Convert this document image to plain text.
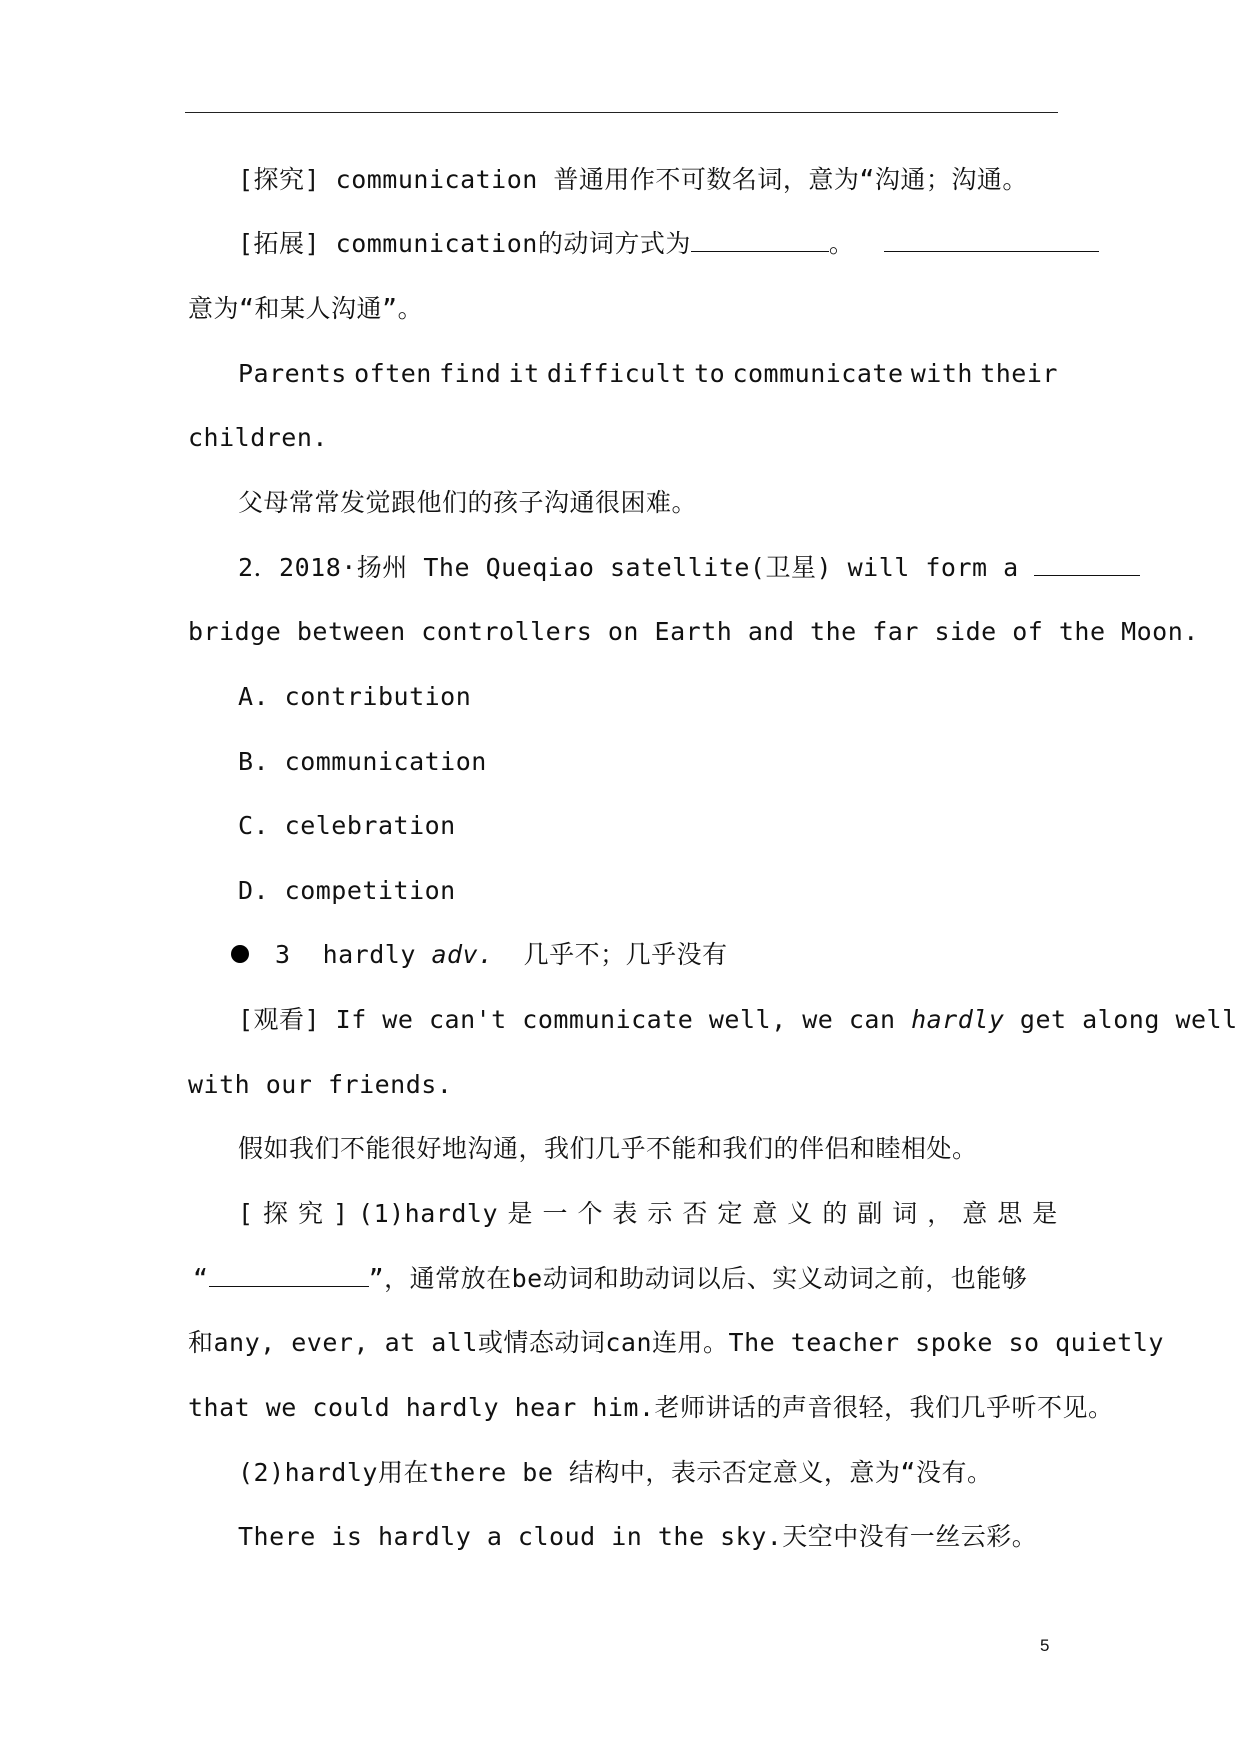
[探究] communication 普通用作不可数名词，意为“沟通；沟通。
[拓展] communication的动词方式为	。
意为“和某人沟通”。
Parents often find it difficult to communicate with their
children.
父母常常发觉跟他们的孩子沟通很困难。
2．2018·扬州 The Queqiao satellite(卫星) will form a
bridge between controllers on Earth and the far side of the Moon.
A. contribution
B. communication
C. celebration
D. competition
3 hardly adv. 几乎不；几乎没有
[观看] If we can't communicate well, we can hardly get along well
with our friends.
假如我们不能很好地沟通，我们几乎不能和我们的伴侣和睦相处。
[ 探 究 ] (1)hardly 是 一 个 表 示 否 定 意 义 的 副 词 ， 意 思 是
“	”，通常放在be动词和助动词以后、实义动词之前，也能够
和any, ever, at all或情态动词can连用。The teacher spoke so quietly
that we could hardly hear him.老师讲话的声音很轻，我们几乎听不见。
(2)hardly用在there be 结构中，表示否定意义，意为“没有。
There is hardly a cloud in the sky.天空中没有一丝云彩。
5
